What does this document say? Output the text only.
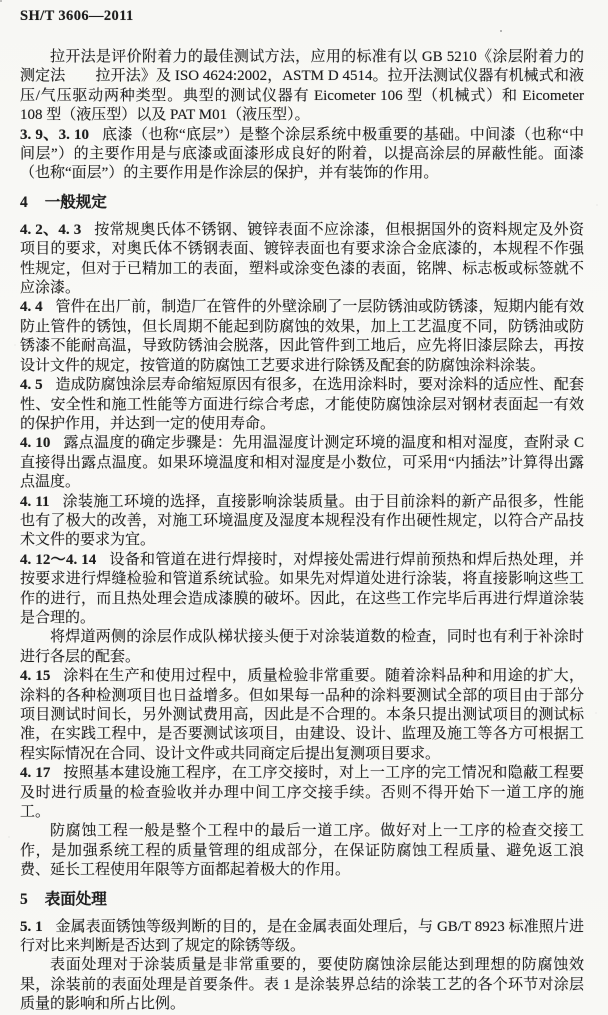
SH/T 3606—2011

拉开法是评价附着力的最佳测试方法，应用的标准有以 GB 5210《涂层附着力的测定法　　拉开法》及 ISO 4624:2002，ASTM D 4514。拉开法测试仪器有机械式和液压/气压驱动两种类型。典型的测试仪器有 Eicometer 106 型（机械式）和 Eicometer 108 型（液压型）以及 PAT M01（液压型）。

3. 9、3. 10 底漆（也称“底层”）是整个涂层系统中极重要的基础。中间漆（也称“中间层”）的主要作用是与底漆或面漆形成良好的附着，以提高涂层的屏蔽性能。面漆（也称“面层”）的主要作用是作涂层的保护，并有装饰的作用。

4 一般规定

4. 2、4. 3 按常规奥氏体不锈钢、镀锌表面不应涂漆，但根据国外的资料规定及外资项目的要求，对奥氏体不锈钢表面、镀锌表面也有要求涂合金底漆的，本规程不作强性规定，但对于已精加工的表面，塑料或涂变色漆的表面，铭牌、标志板或标签就不应涂漆。

4. 4 管件在出厂前，制造厂在管件的外壁涂刷了一层防锈油或防锈漆，短期内能有效防止管件的锈蚀，但长周期不能起到防腐蚀的效果，加上工艺温度不同，防锈油或防锈漆不能耐高温，导致防锈油会脱落，因此管件到工地后，应先将旧漆层除去，再按设计文件的规定，按管道的防腐蚀工艺要求进行除锈及配套的防腐蚀涂料涂装。

4. 5 造成防腐蚀涂层寿命缩短原因有很多，在选用涂料时，要对涂料的适应性、配套性、安全性和施工性能等方面进行综合考虑，才能使防腐蚀涂层对钢材表面起一有效的保护作用，并达到一定的使用寿命。

4. 10 露点温度的确定步骤是：先用温湿度计测定环境的温度和相对湿度，查附录 C 直接得出露点温度。如果环境温度和相对湿度是小数位，可采用“内插法”计算得出露点温度。

4. 11 涂装施工环境的选择，直接影响涂装质量。由于目前涂料的新产品很多，性能也有了极大的改善，对施工环境温度及湿度本规程没有作出硬性规定，以符合产品技术文件的要求为宜。

4. 12～4. 14 设备和管道在进行焊接时，对焊接处需进行焊前预热和焊后热处理，并按要求进行焊缝检验和管道系统试验。如果先对焊道处进行涂装，将直接影响这些工作的进行，而且热处理会造成漆膜的破坏。因此，在这些工作完毕后再进行焊道涂装是合理的。

将焊道两侧的涂层作成队梯状接头便于对涂装道数的检查，同时也有利于补涂时进行各层的配套。

4. 15 涂料在生产和使用过程中，质量检验非常重要。随着涂料品种和用途的扩大，涂料的各种检测项目也日益增多。但如果每一品种的涂料要测试全部的项目由于部分项目测试时间长，另外测试费用高，因此是不合理的。本条只提出测试项目的测试标准，在实践工程中，是否要测试该项目，由建设、设计、监理及施工等各方可根据工程实际情况在合同、设计文件或共同商定后提出复测项目要求。

4. 17 按照基本建设施工程序，在工序交接时，对上一工序的完工情况和隐蔽工程要及时进行质量的检查验收并办理中间工序交接手续。否则不得开始下一道工序的施工。

防腐蚀工程一般是整个工程中的最后一道工序。做好对上一工序的检查交接工作，是加强系统工程的质量管理的组成部分，在保证防腐蚀工程质量、避免返工浪费、延长工程使用年限等方面都起着极大的作用。

5 表面处理

5. 1 金属表面锈蚀等级判断的目的，是在金属表面处理后，与 GB/T 8923 标准照片进行对比来判断是否达到了规定的除锈等级。

表面处理对于涂装质量是非常重要的，要使防腐蚀涂层能达到理想的防腐蚀效果，涂装前的表面处理是首要条件。表 1 是涂装界总结的涂装工艺的各个环节对涂层质量的影响和所占比例。
